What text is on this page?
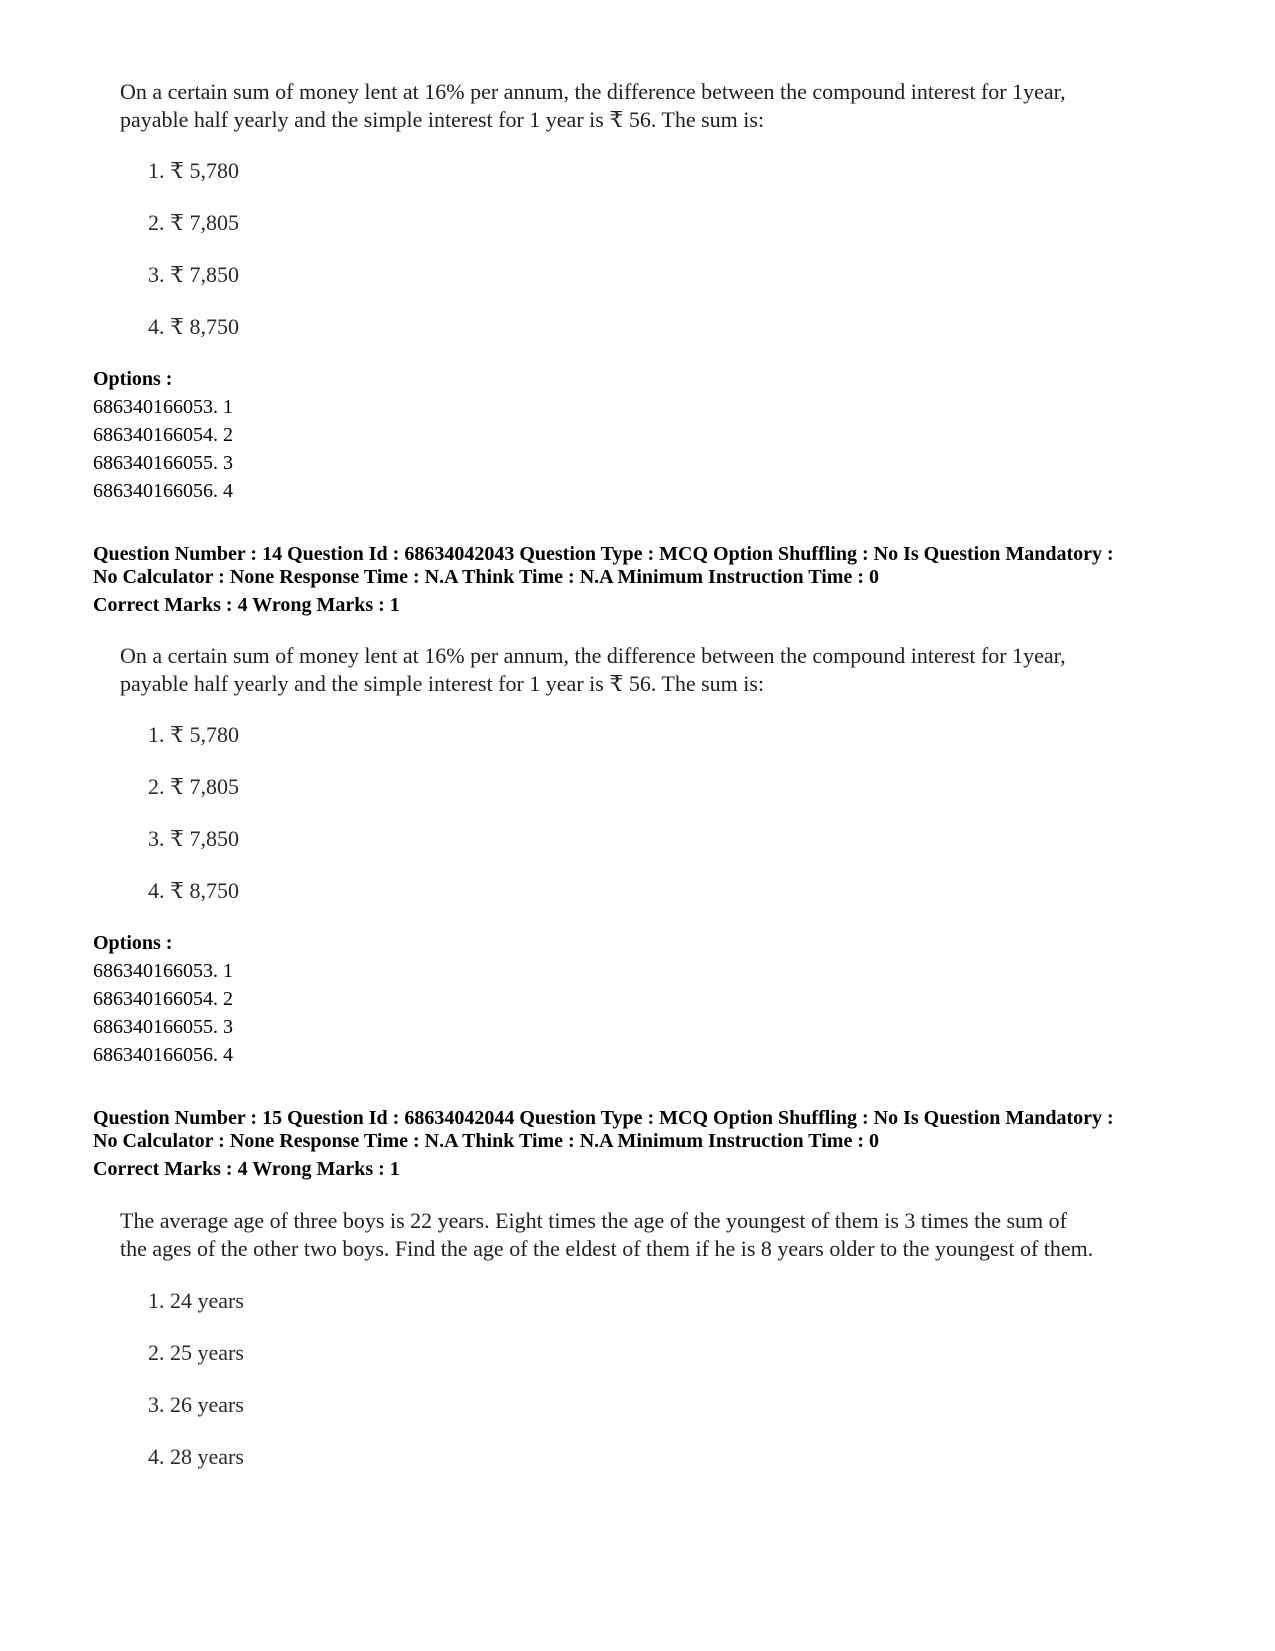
On a certain sum of money lent at 16% per annum, the difference between the compound interest for 1year,
payable half yearly and the simple interest for 1 year is ₹ 56. The sum is:
1. ₹ 5,780
2. ₹ 7,805
3. ₹ 7,850
4. ₹ 8,750
Options :
686340166053. 1
686340166054. 2
686340166055. 3
686340166056. 4
Question Number : 14 Question Id : 68634042043 Question Type : MCQ Option Shuffling : No Is Question Mandatory :
No Calculator : None Response Time : N.A Think Time : N.A Minimum Instruction Time : 0
Correct Marks : 4 Wrong Marks : 1
On a certain sum of money lent at 16% per annum, the difference between the compound interest for 1year,
payable half yearly and the simple interest for 1 year is ₹ 56. The sum is:
1. ₹ 5,780
2. ₹ 7,805
3. ₹ 7,850
4. ₹ 8,750
Options :
686340166053. 1
686340166054. 2
686340166055. 3
686340166056. 4
Question Number : 15 Question Id : 68634042044 Question Type : MCQ Option Shuffling : No Is Question Mandatory :
No Calculator : None Response Time : N.A Think Time : N.A Minimum Instruction Time : 0
Correct Marks : 4 Wrong Marks : 1
The average age of three boys is 22 years. Eight times the age of the youngest of them is 3 times the sum of
the ages of the other two boys. Find the age of the eldest of them if he is 8 years older to the youngest of them.
1. 24 years
2. 25 years
3. 26 years
4. 28 years
